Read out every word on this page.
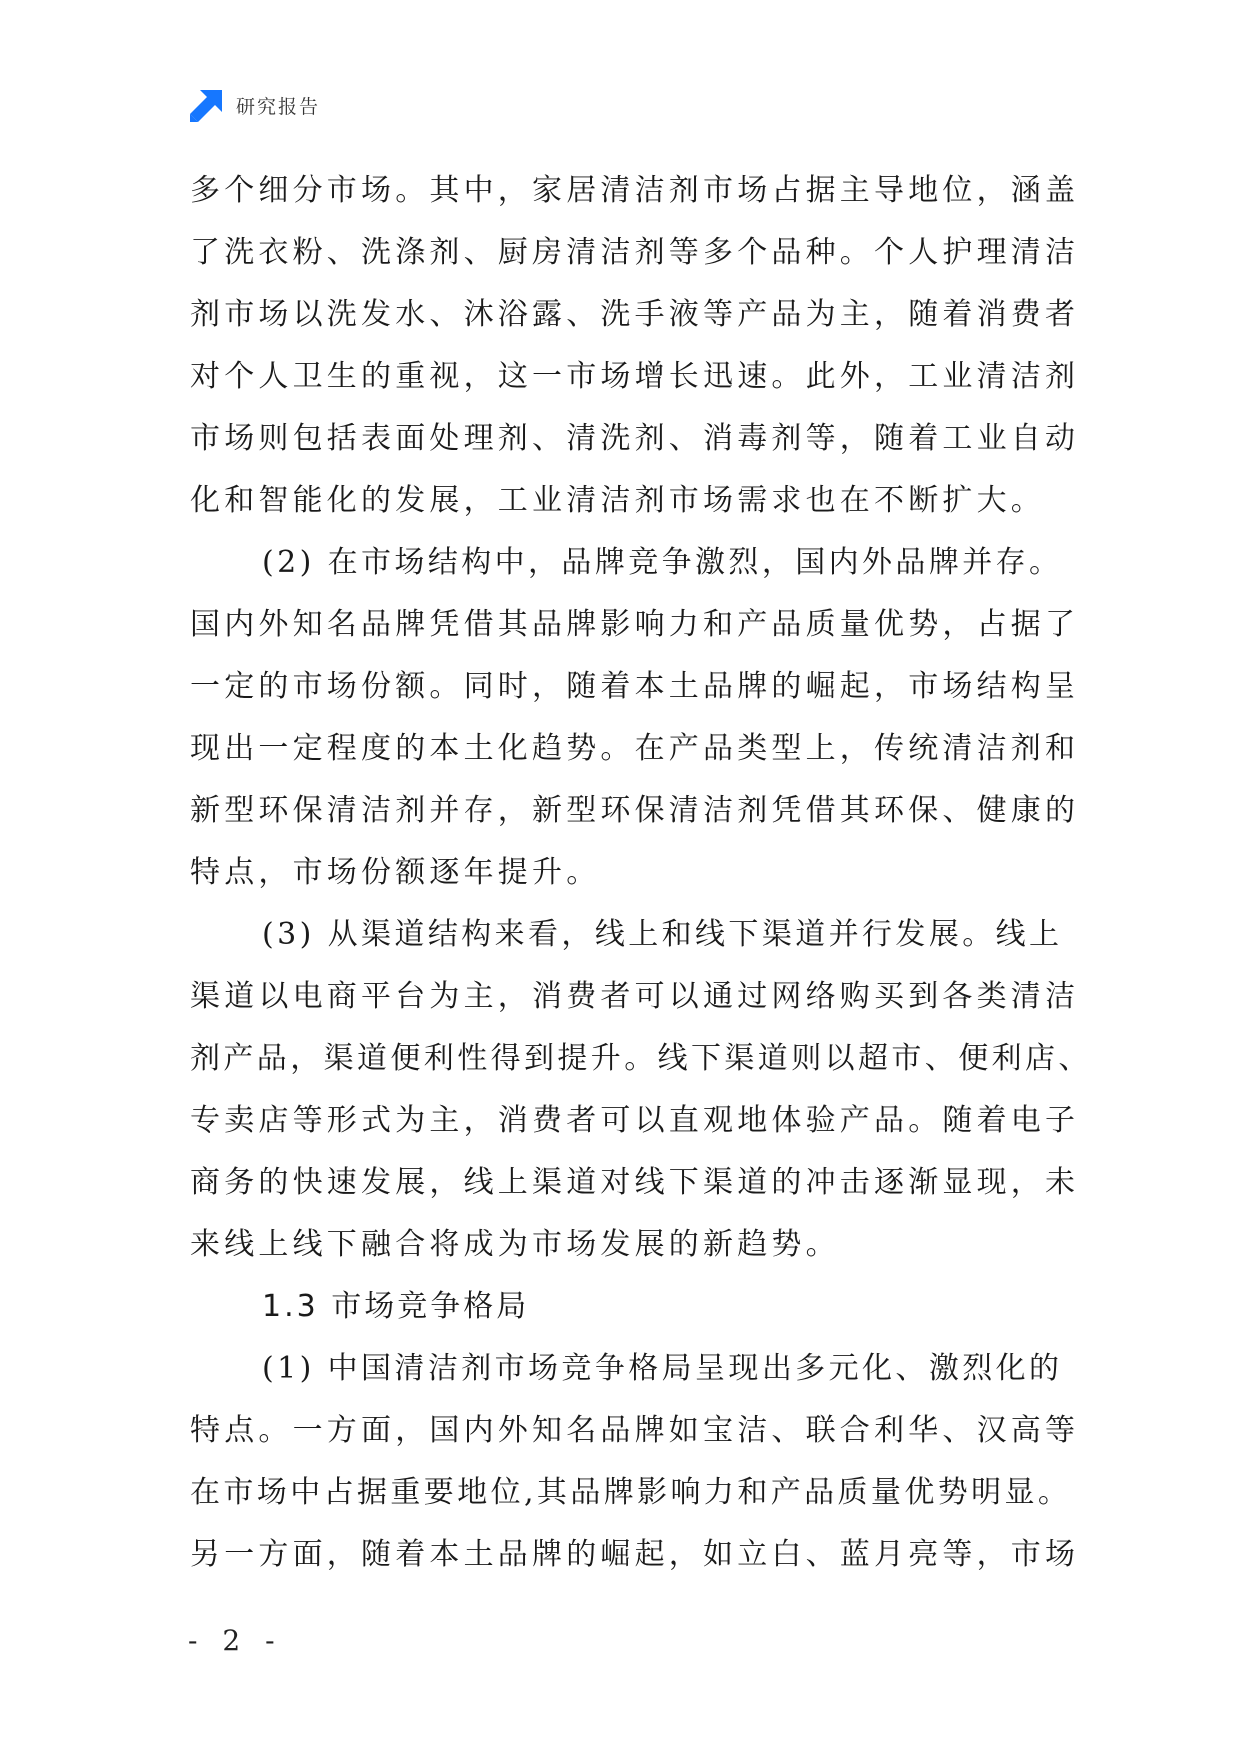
研究报告
多个细分市场。其中，家居清洁剂市场占据主导地位，涵盖
了洗衣粉、洗涤剂、厨房清洁剂等多个品种。个人护理清洁
剂市场以洗发水、沐浴露、洗手液等产品为主，随着消费者
对个人卫生的重视，这一市场增长迅速。此外，工业清洁剂
市场则包括表面处理剂、清洗剂、消毒剂等，随着工业自动
化和智能化的发展，工业清洁剂市场需求也在不断扩大。
(2) 在市场结构中，品牌竞争激烈，国内外品牌并存。
国内外知名品牌凭借其品牌影响力和产品质量优势，占据了
一定的市场份额。同时，随着本土品牌的崛起，市场结构呈
现出一定程度的本土化趋势。在产品类型上，传统清洁剂和
新型环保清洁剂并存，新型环保清洁剂凭借其环保、健康的
特点，市场份额逐年提升。
(3) 从渠道结构来看，线上和线下渠道并行发展。线上
渠道以电商平台为主，消费者可以通过网络购买到各类清洁
剂产品，渠道便利性得到提升。线下渠道则以超市、便利店、
专卖店等形式为主，消费者可以直观地体验产品。随着电子
商务的快速发展，线上渠道对线下渠道的冲击逐渐显现，未
来线上线下融合将成为市场发展的新趋势。
1.3 市场竞争格局
(1) 中国清洁剂市场竞争格局呈现出多元化、激烈化的
特点。一方面，国内外知名品牌如宝洁、联合利华、汉高等
在市场中占据重要地位,其品牌影响力和产品质量优势明显。
另一方面，随着本土品牌的崛起，如立白、蓝月亮等，市场
- 2 -
